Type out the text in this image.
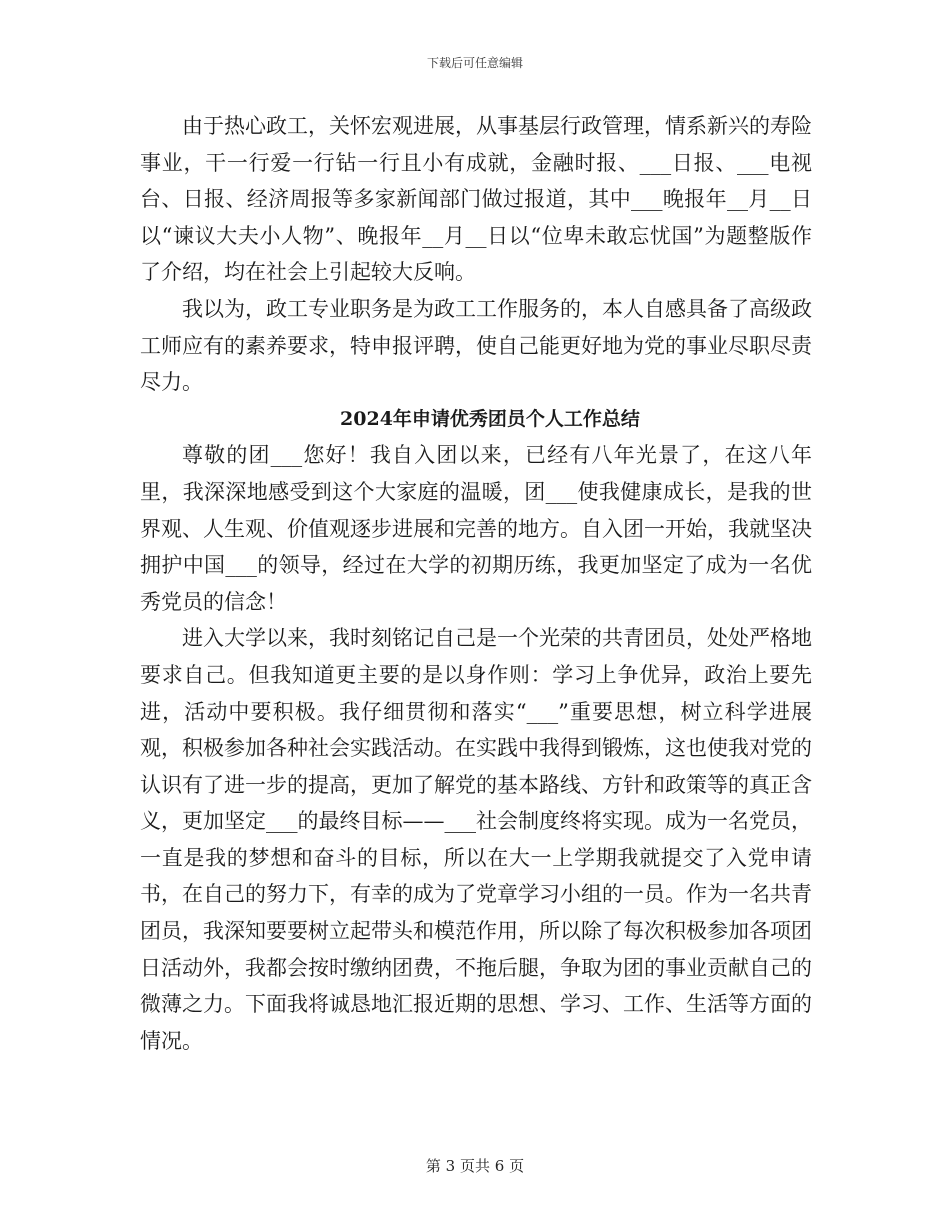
下载后可任意编辑

由于热心政工，关怀宏观进展，从事基层行政管理，情系新兴的寿险事业，干一行爱一行钻一行且小有成就，金融时报、___日报、___电视台、日报、经济周报等多家新闻部门做过报道，其中___晚报年__月__日以“谏议大夫小人物”、晚报年__月__日以“位卑未敢忘忧国”为题整版作了介绍，均在社会上引起较大反响。

我以为，政工专业职务是为政工工作服务的，本人自感具备了高级政工师应有的素养要求，特申报评聘，使自己能更好地为党的事业尽职尽责尽力。

2024年申请优秀团员个人工作总结

尊敬的团___您好！我自入团以来，已经有八年光景了，在这八年里，我深深地感受到这个大家庭的温暖，团___使我健康成长，是我的世界观、人生观、价值观逐步进展和完善的地方。自入团一开始，我就坚决拥护中国___的领导，经过在大学的初期历练，我更加坚定了成为一名优秀党员的信念！

进入大学以来，我时刻铭记自己是一个光荣的共青团员，处处严格地要求自己。但我知道更主要的是以身作则：学习上争优异，政治上要先进，活动中要积极。我仔细贯彻和落实“___”重要思想，树立科学进展观，积极参加各种社会实践活动。在实践中我得到锻炼，这也使我对党的认识有了进一步的提高，更加了解党的基本路线、方针和政策等的真正含义，更加坚定___的最终目标——___社会制度终将实现。成为一名党员，一直是我的梦想和奋斗的目标，所以在大一上学期我就提交了入党申请书，在自己的努力下，有幸的成为了党章学习小组的一员。作为一名共青团员，我深知要要树立起带头和模范作用，所以除了每次积极参加各项团日活动外，我都会按时缴纳团费，不拖后腿，争取为团的事业贡献自己的微薄之力。下面我将诚恳地汇报近期的思想、学习、工作、生活等方面的情况。

第 3 页共 6 页
